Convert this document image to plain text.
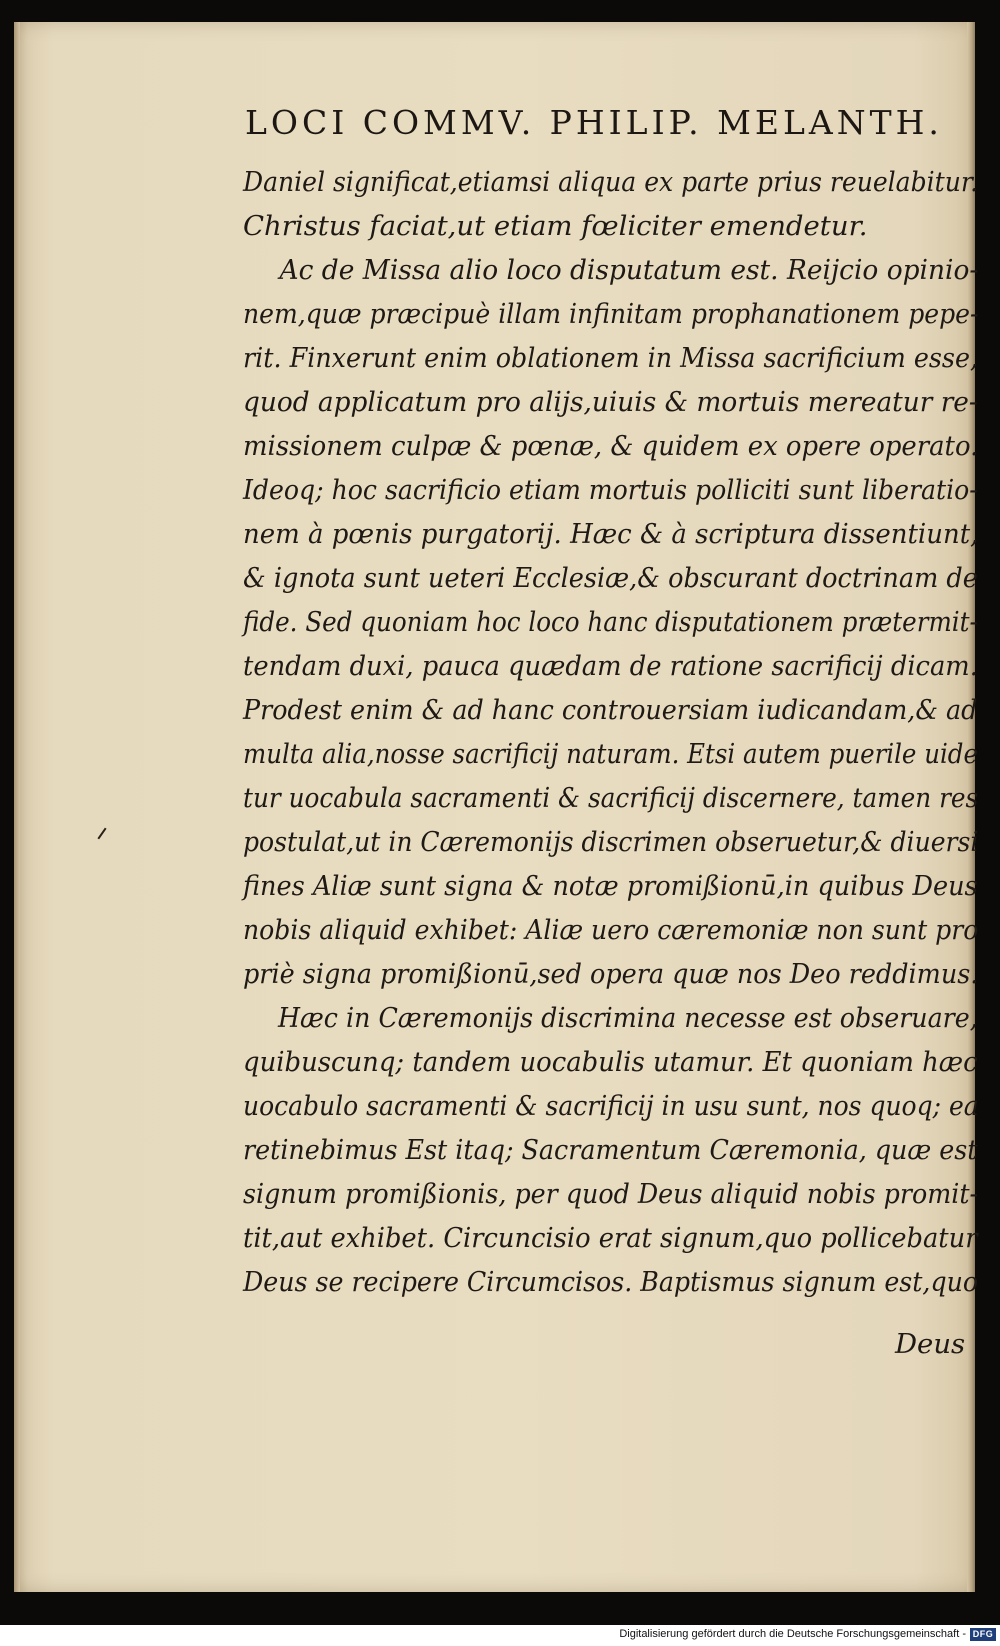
LOCI COMMV. PHILIP. MELANTH.
Daniel significat,etiamsi aliqua ex parte prius reuelabitur.
Christus faciat,ut etiam fœliciter emendetur.
Ac de Missa alio loco disputatum est. Reijcio opinio-
nem,quæ præcipuè illam infinitam prophanationem pepe-
rit. Finxerunt enim oblationem in Missa sacrificium esse,
quod applicatum pro alijs,uiuis & mortuis mereatur re-
missionem culpæ & pœnæ, & quidem ex opere operato.
Ideoq; hoc sacrificio etiam mortuis polliciti sunt liberatio-
nem à pœnis purgatorij. Hæc & à scriptura dissentiunt,
& ignota sunt ueteri Ecclesiæ,& obscurant doctrinam de
fide. Sed quoniam hoc loco hanc disputationem prætermit-
tendam duxi, pauca quædam de ratione sacrificij dicam.
Prodest enim & ad hanc controuersiam iudicandam,& ad
multa alia,nosse sacrificij naturam. Etsi autem puerile uide
tur uocabula sacramenti & sacrificij discernere, tamen res
postulat,ut in Cæremonijs discrimen obseruetur,& diuersi
fines Aliæ sunt signa & notæ promißionū,in quibus Deus
nobis aliquid exhibet: Aliæ uero cæremoniæ non sunt pro
priè signa promißionū,sed opera quæ nos Deo reddimus.
Hæc in Cæremonijs discrimina necesse est obseruare,
quibuscunq; tandem uocabulis utamur. Et quoniam hæc
uocabulo sacramenti & sacrificij in usu sunt, nos quoq; ea
retinebimus Est itaq; Sacramentum Cæremonia, quæ est
signum promißionis, per quod Deus aliquid nobis promit-
tit,aut exhibet. Circuncisio erat signum,quo pollicebatur
Deus se recipere Circumcisos. Baptismus signum est,quo
Deus
Digitalisierung gefördert durch die Deutsche Forschungsgemeinschaft - DFG
